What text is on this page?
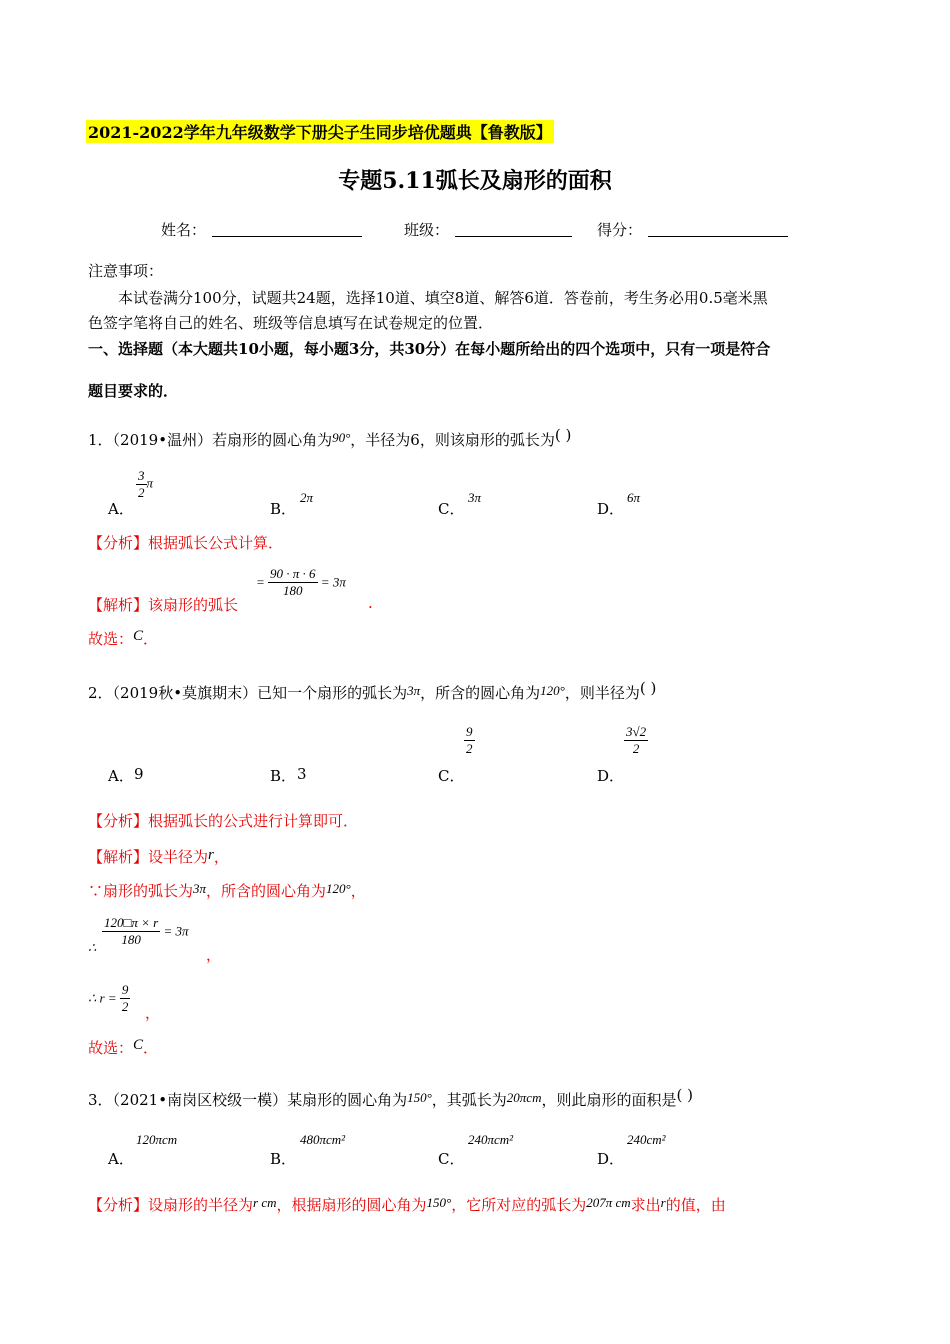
2021-2022学年九年级数学下册尖子生同步培优题典【鲁教版】
专题5.11弧长及扇形的面积
姓名：	班级：	得分：
注意事项：
本试卷满分100分，试题共24题，选择10道、填空8道、解答6道．答卷前，考生务必用0.5毫米黑
色签字笔将自己的姓名、班级等信息填写在试卷规定的位置．
一、选择题（本大题共10小题，每小题3分，共30分）在每小题所给出的四个选项中，只有一项是符合
题目要求的．
1．（2019•温州）若扇形的圆心角为90°，半径为6，则该扇形的弧长为( )
A．
$\frac{3}{2}$ π
B．
2π
C．
3π
D．
6π
【分析】根据弧长公式计算．
【解析】该扇形的弧长
= $\frac{90 \cdot \pi \cdot 6}{180} = 3\pi$
.
故选：C．
2．（2019秋•莫旗期末）已知一个扇形的弧长为3π，所含的圆心角为120°，则半径为( )
A． 9	B． 3	C．
$\frac{9}{2}$
D．
$\frac{3√2}{2}$
【分析】根据弧长的公式进行计算即可．
【解析】设半径为r，
∵扇形的弧长为3π，所含的圆心角为120°，
∴ $\frac{120□\pi \times r}{180} = 3\pi$
，
∴ $r = \frac{9}{2}$ ，
故选：C．
3．（2021•南岗区校级一模）某扇形的圆心角为150°，其弧长为20πcm，则此扇形的面积是( )
A．
120πcm
B．
480πcm²
C．
240πcm²
D．
240cm²
【分析】设扇形的半径为r cm，根据扇形的圆心角为150°，它所对应的弧长为207π cm求出r的值，由
